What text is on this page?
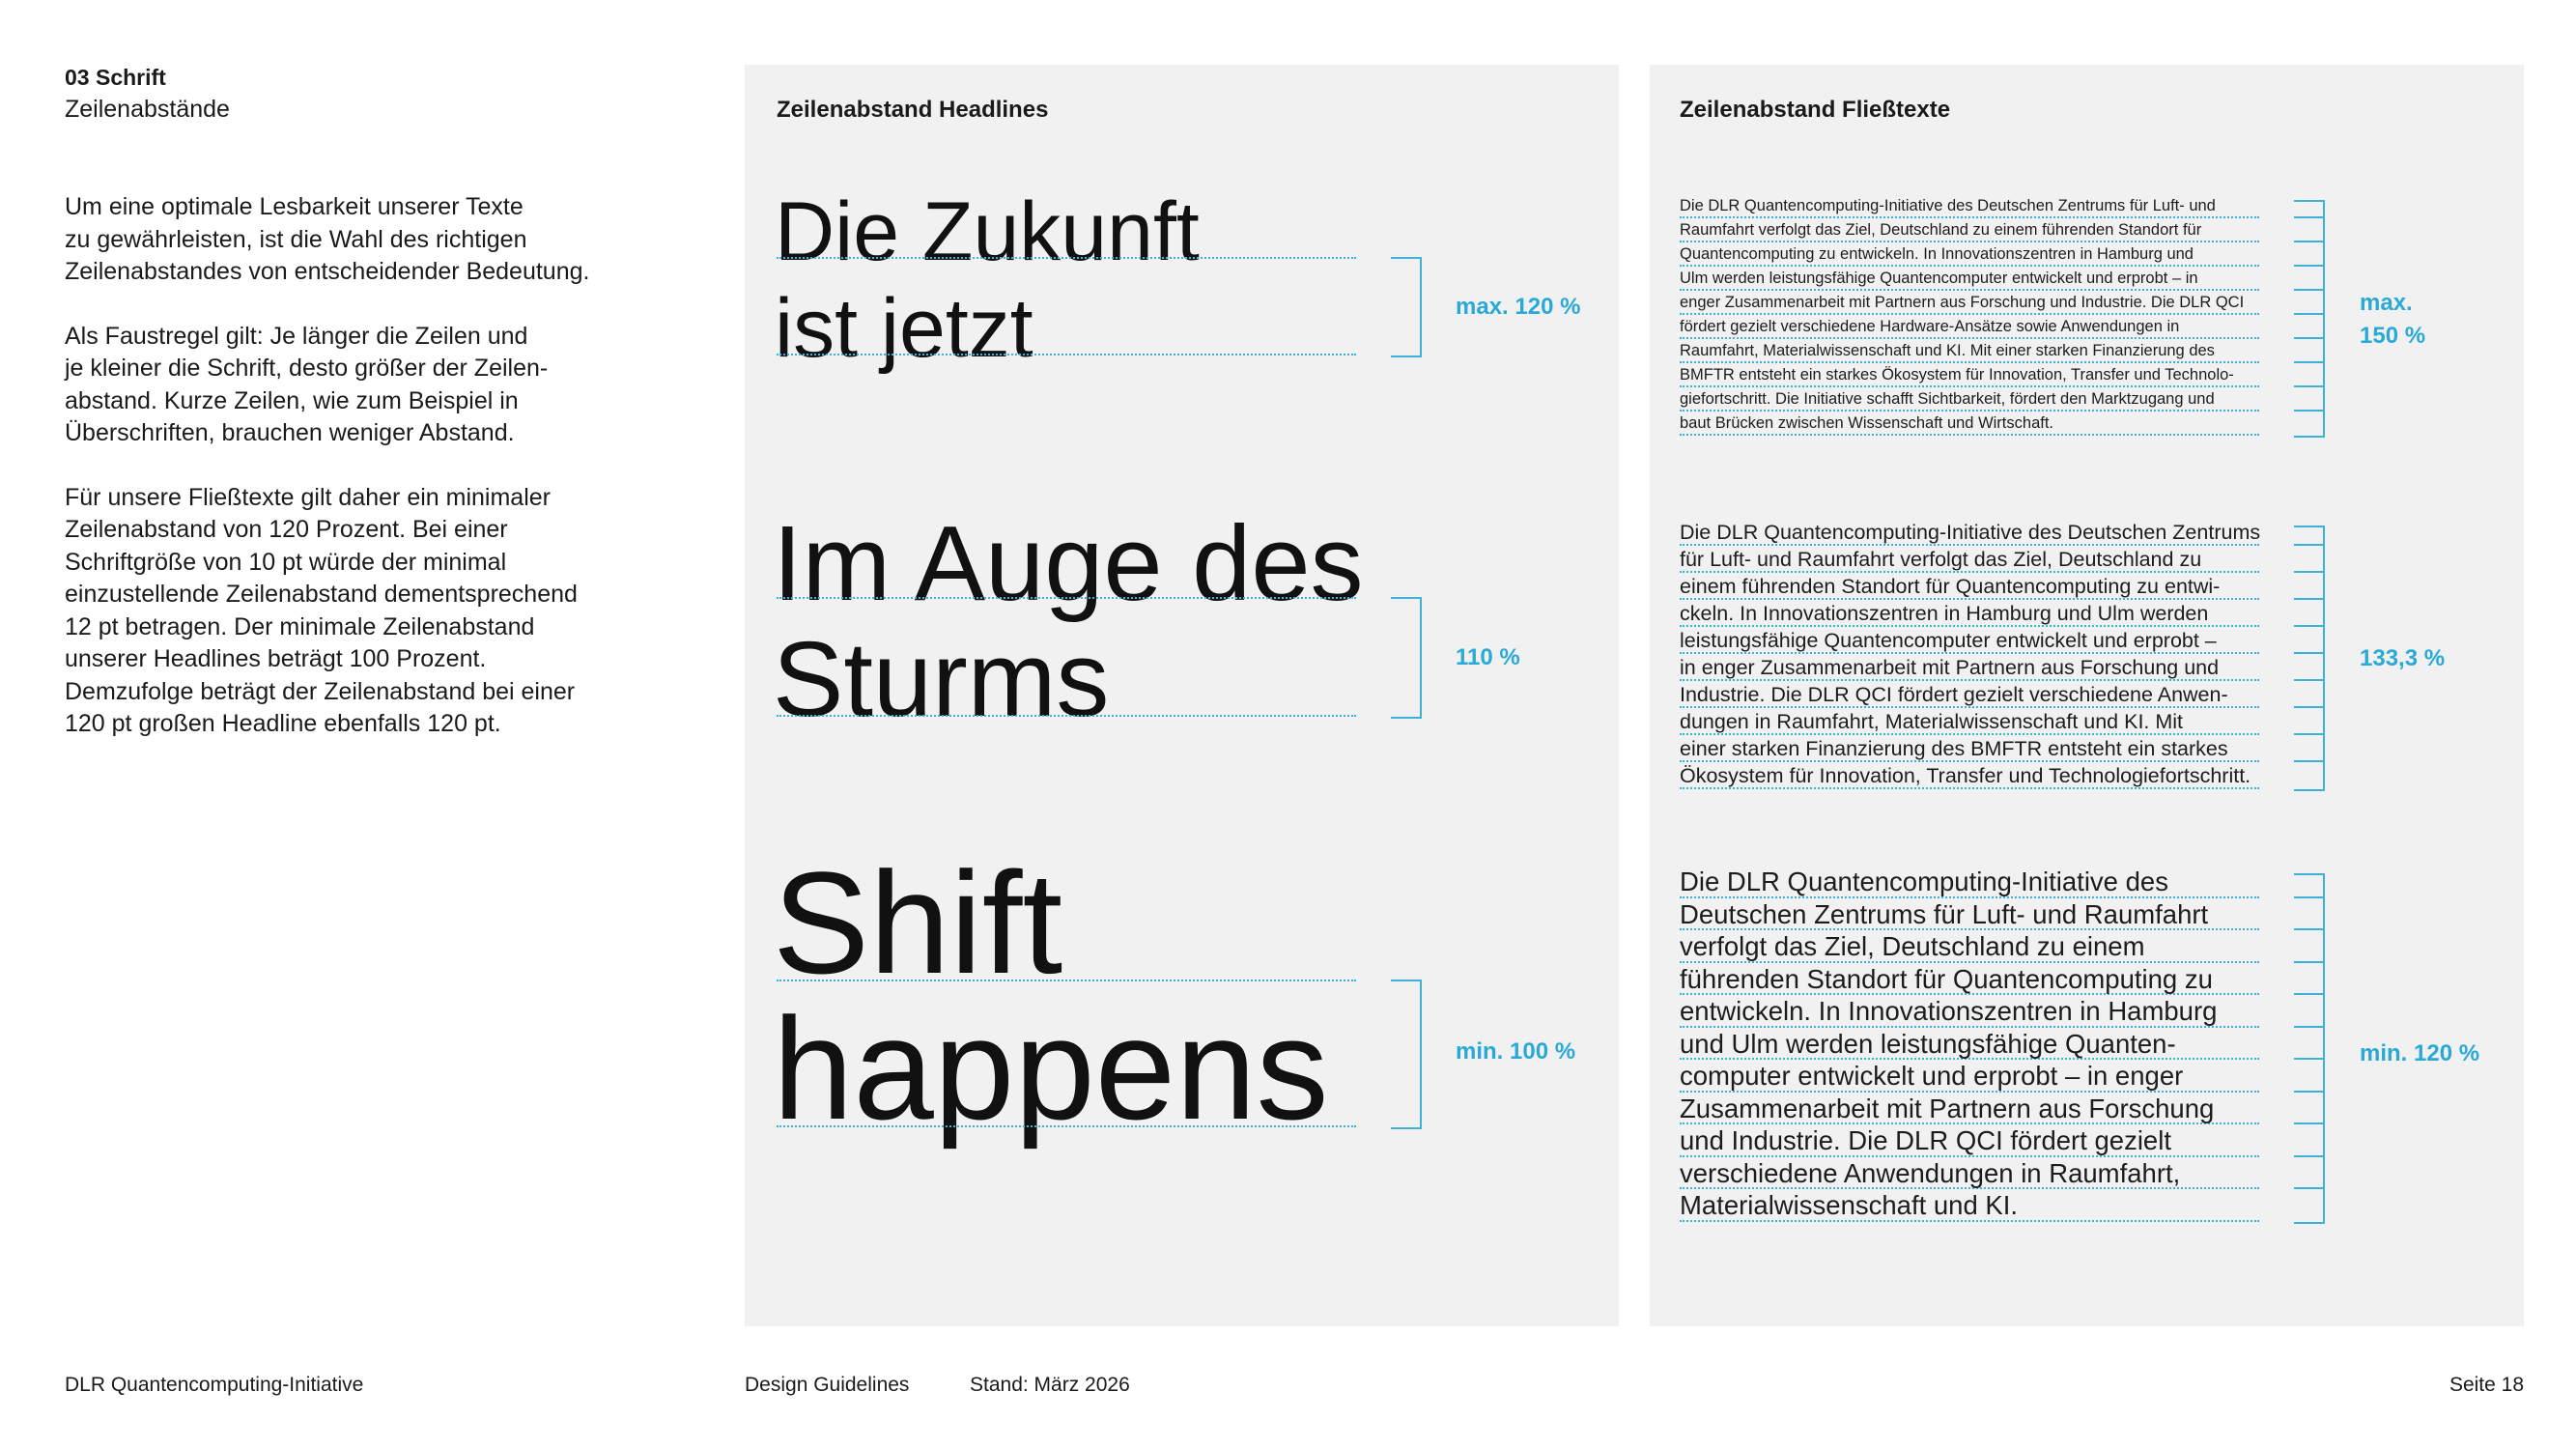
03 Schrift
Zeilenabstände

Um eine optimale Lesbarkeit unserer Texte
zu gewährleisten, ist die Wahl des richtigen
Zeilenabstandes von entscheidender Bedeutung.

Als Faustregel gilt: Je länger die Zeilen und
je kleiner die Schrift, desto größer der Zeilen-
abstand. Kurze Zeilen, wie zum Beispiel in
Überschriften, brauchen weniger Abstand.

Für unsere Fließtexte gilt daher ein minimaler
Zeilenabstand von 120 Prozent. Bei einer
Schriftgröße von 10 pt würde der minimal
einzustellende Zeilenabstand dementsprechend
12 pt betragen. Der minimale Zeilenabstand
unserer Headlines beträgt 100 Prozent.
Demzufolge beträgt der Zeilenabstand bei einer
120 pt großen Headline ebenfalls 120 pt.

Zeilenabstand Headlines
Die Zukunft
ist jetzt	max. 120 %
Im Auge des
Sturms	110 %
Shift
happens	min. 100 %
Zeilenabstand Fließtexte
Die DLR Quantencomputing-Initiative des Deutschen Zentrums für Luft- und
Raumfahrt verfolgt das Ziel, Deutschland zu einem führenden Standort für
Quantencomputing zu entwickeln. In Innovationszentren in Hamburg und
Ulm werden leistungsfähige Quantencomputer entwickelt und erprobt – in
enger Zusammenarbeit mit Partnern aus Forschung und Industrie. Die DLR QCI
fördert gezielt verschiedene Hardware-Ansätze sowie Anwendungen in
Raumfahrt, Materialwissenschaft und KI. Mit einer starken Finanzierung des
BMFTR entsteht ein starkes Ökosystem für Innovation, Transfer und Technolo-
giefortschritt. Die Initiative schafft Sichtbarkeit, fördert den Marktzugang und
baut Brücken zwischen Wissenschaft und Wirtschaft.
Die DLR Quantencomputing-Initiative des Deutschen Zentrums
für Luft- und Raumfahrt verfolgt das Ziel, Deutschland zu
einem führenden Standort für Quantencomputing zu entwi-
ckeln. In Innovationszentren in Hamburg und Ulm werden
leistungsfähige Quantencomputer entwickelt und erprobt –
in enger Zusammenarbeit mit Partnern aus Forschung und
Industrie. Die DLR QCI fördert gezielt verschiedene Anwen-
dungen in Raumfahrt, Materialwissenschaft und KI. Mit
einer starken Finanzierung des BMFTR entsteht ein starkes
Ökosystem für Innovation, Transfer und Technologiefortschritt.
Die DLR Quantencomputing-Initiative des
Deutschen Zentrums für Luft- und Raumfahrt
verfolgt das Ziel, Deutschland zu einem
führenden Standort für Quantencomputing zu
entwickeln. In Innovationszentren in Hamburg
und Ulm werden leistungsfähige Quanten-
computer entwickelt und erprobt – in enger
Zusammenarbeit mit Partnern aus Forschung
und Industrie. Die DLR QCI fördert gezielt
verschiedene Anwendungen in Raumfahrt,
Materialwissenschaft und KI.
max.
150 %
133,3 %
min. 120 %
DLR Quantencomputing-Initiative	Design Guidelines	Stand: März 2026	Seite 18
